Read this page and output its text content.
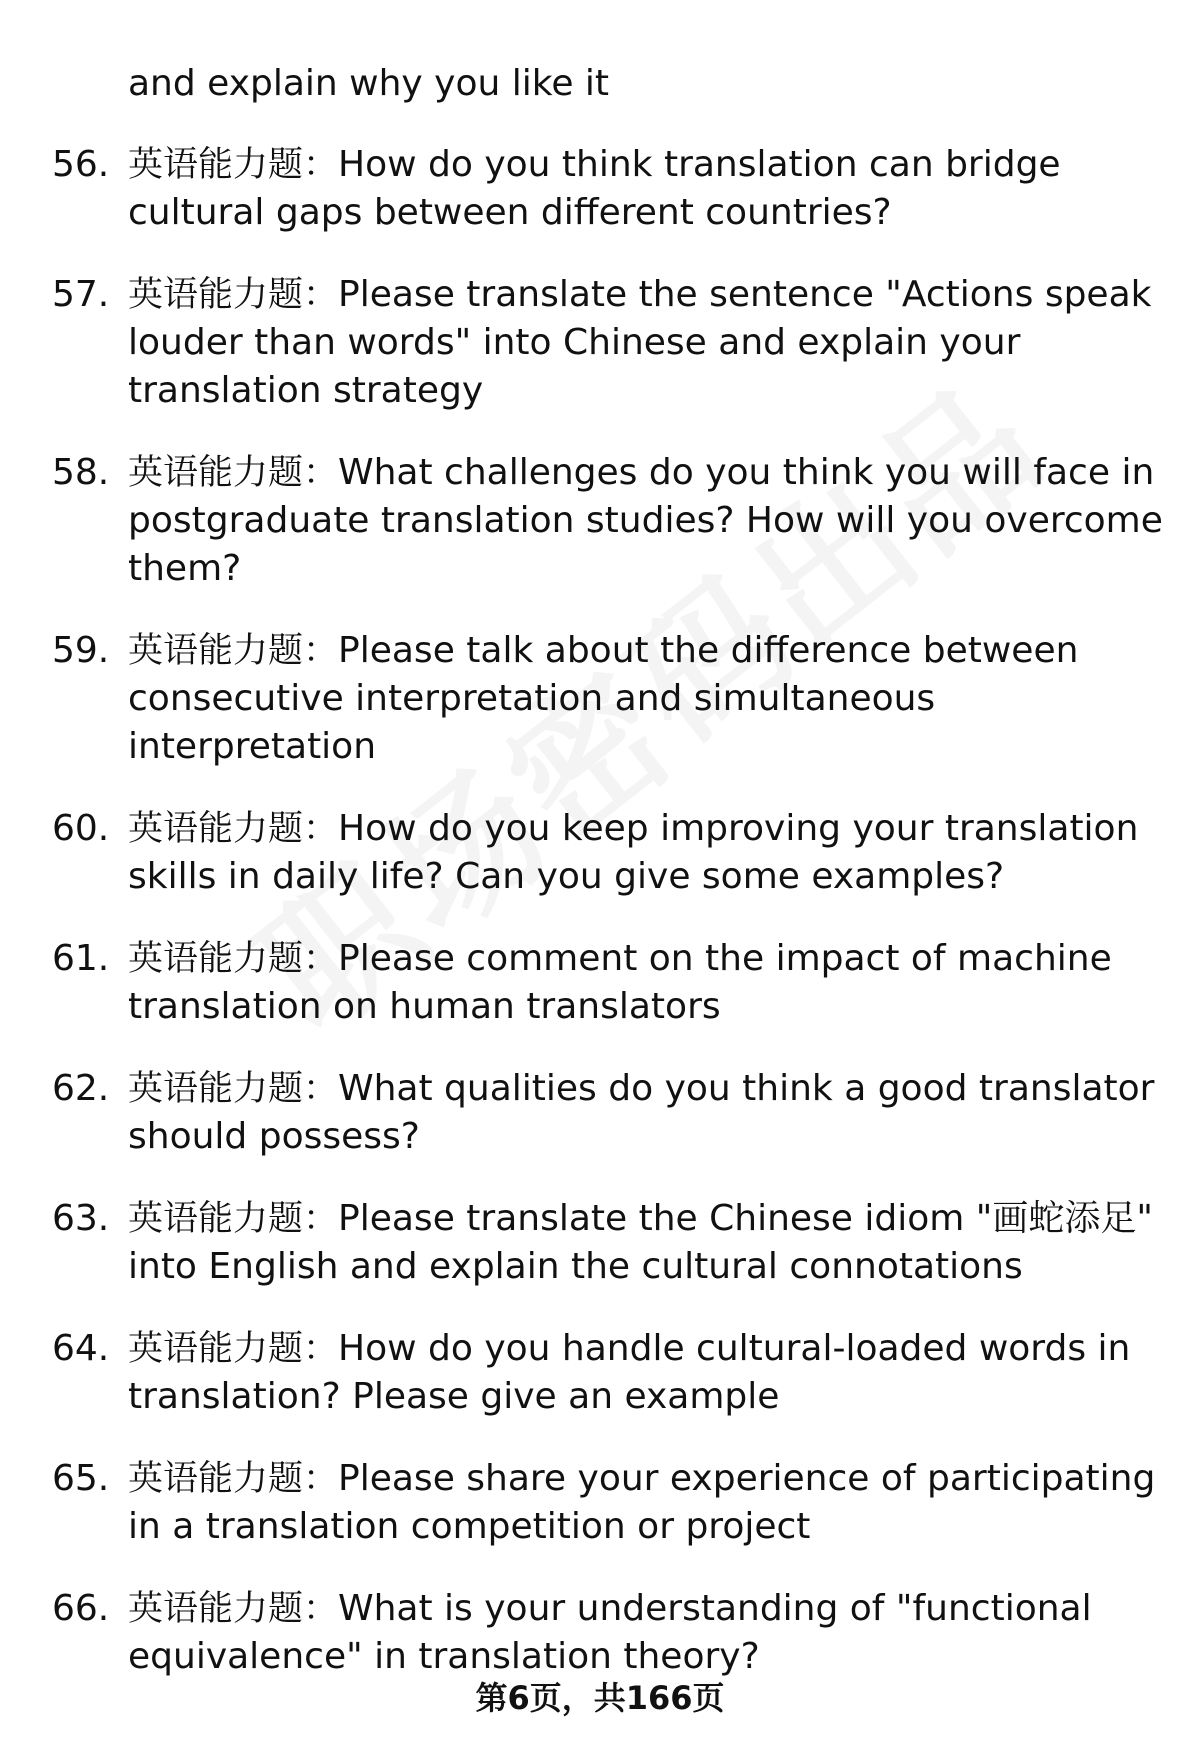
and explain why you like it

56. 英语能力题：How do you think translation can bridge cultural gaps between different countries?
57. 英语能力题：Please translate the sentence "Actions speak louder than words" into Chinese and explain your translation strategy
58. 英语能力题：What challenges do you think you will face in postgraduate translation studies? How will you overcome them?
59. 英语能力题：Please talk about the difference between consecutive interpretation and simultaneous interpretation
60. 英语能力题：How do you keep improving your translation skills in daily life? Can you give some examples?
61. 英语能力题：Please comment on the impact of machine translation on human translators
62. 英语能力题：What qualities do you think a good translator should possess?
63. 英语能力题：Please translate the Chinese idiom "画蛇添足" into English and explain the cultural connotations
64. 英语能力题：How do you handle cultural-loaded words in translation? Please give an example
65. 英语能力题：Please share your experience of participating in a translation competition or project
66. 英语能力题：What is your understanding of "functional equivalence" in translation theory?
第6页，共166页
